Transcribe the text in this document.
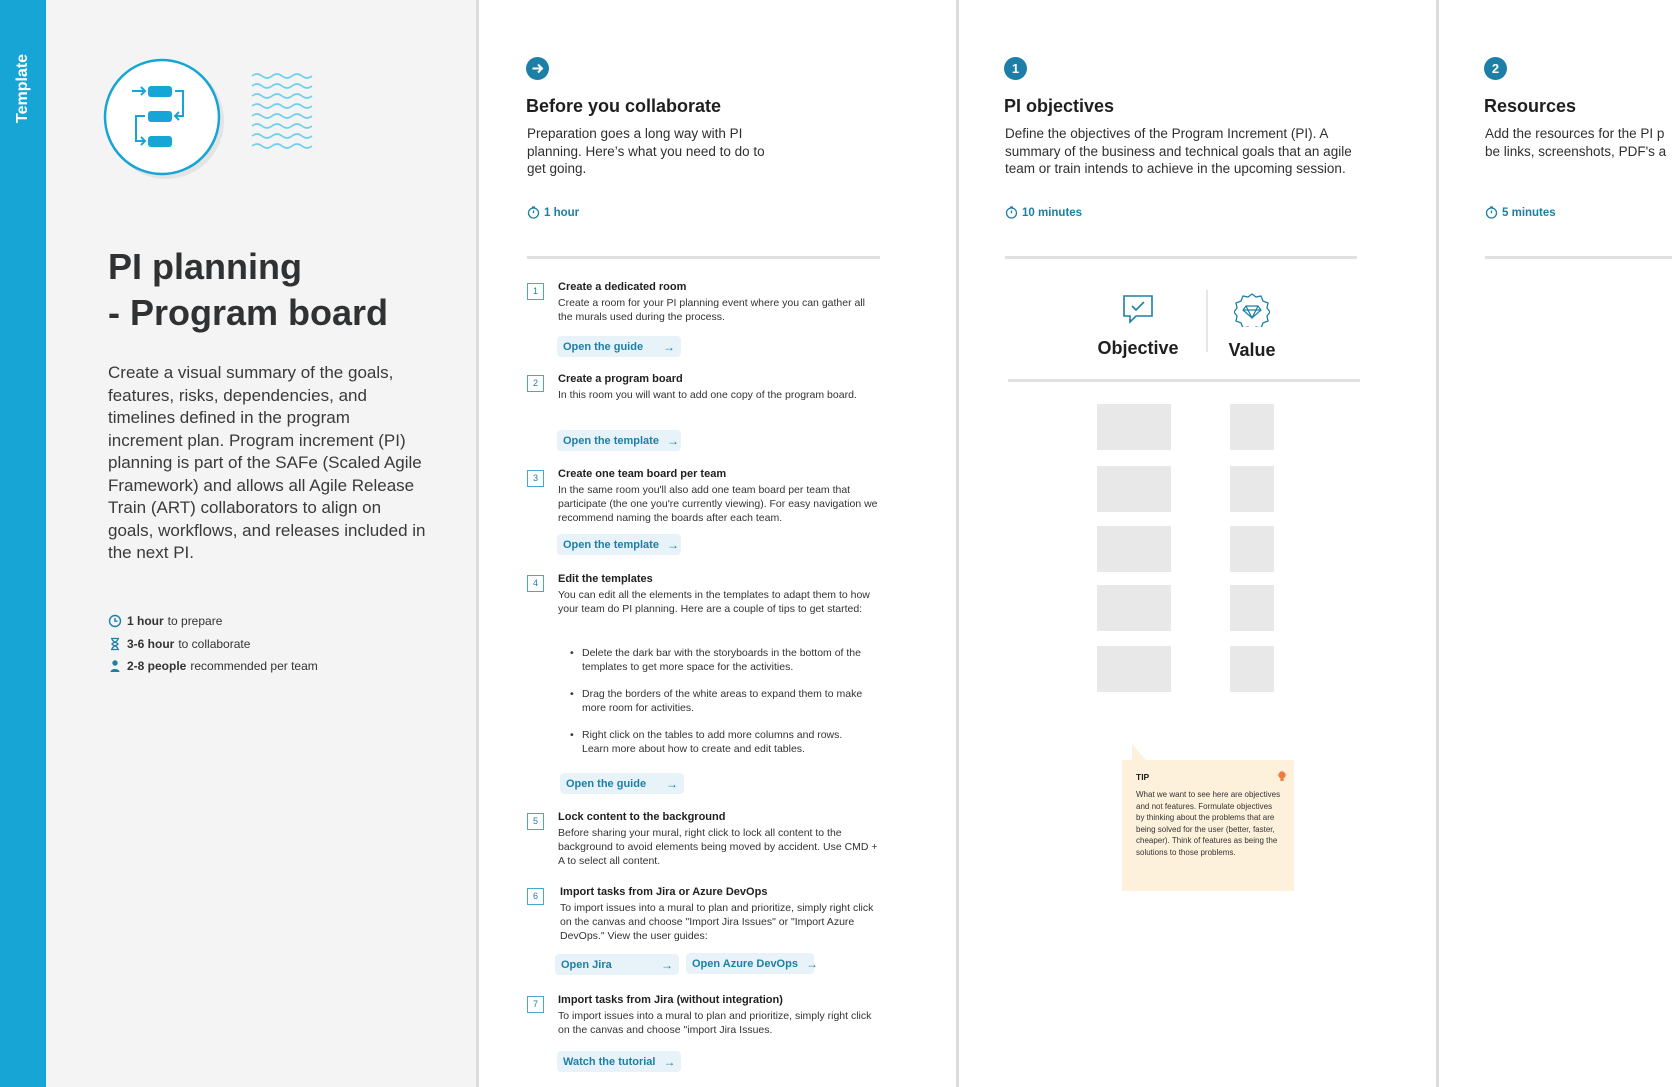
Template
PI planning
- Program board
Create a visual summary of the goals, features, risks, dependencies, and timelines defined in the program increment plan. Program increment (PI) planning is part of the SAFe (Scaled Agile Framework) and allows all Agile Release Train (ART) collaborators to align on goals, workflows, and releases included in the next PI.
1 hour to prepare
3-6 hour to collaborate
2-8 people recommended per team
Before you collaborate
Preparation goes a long way with PI planning. Here’s what you need to do to get going.
1 hour
1	Create a dedicated room
Create a room for your PI planning event where you can gather all the murals used during the process.
Open the guide →
2	Create a program board
In this room you will want to add one copy of the program board.
Open the template →
3	Create one team board per team
In the same room you'll also add one team board per team that participate (the one you're currently viewing). For easy navigation we recommend naming the boards after each team.
Open the template →
4	Edit the templates
You can edit all the elements in the templates to adapt them to how your team do PI planning. Here are a couple of tips to get started:
• Delete the dark bar with the storyboards in the bottom of the templates to get more space for the activities.
• Drag the borders of the white areas to expand them to make more room for activities.
• Right click on the tables to add more columns and rows. Learn more about how to create and edit tables.
Open the guide →
5	Lock content to the background
Before sharing your mural, right click to lock all content to the background to avoid elements being moved by accident. Use CMD + A to select all content.
6	Import tasks from Jira or Azure DevOps
To import issues into a mural to plan and prioritize, simply right click on the canvas and choose "Import Jira Issues" or "Import Azure DevOps." View the user guides:
Open Jira	→ Open Azure DevOps →
7	Import tasks from Jira (without integration)
To import issues into a mural to plan and prioritize, simply right click on the canvas and choose "import Jira Issues.
Watch the tutorial →
1
PI objectives
Define the objectives of the Program Increment (PI). A summary of the business and technical goals that an agile team or train intends to achieve in the upcoming session.
10 minutes
Objective	Value
TIP
What we want to see here are objectives and not features. Formulate objectives by thinking about the problems that are being solved for the user (better, faster, cheaper). Think of features as being the solutions to those problems.
2
Resources
Add the resources for the PI p
be links, screenshots, PDF's a
5 minutes
